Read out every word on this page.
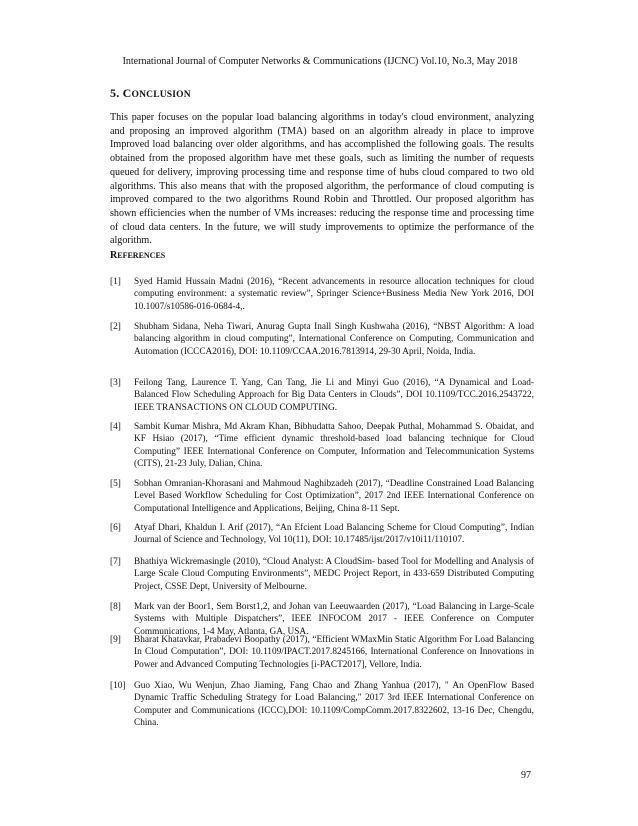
International Journal of Computer Networks & Communications (IJCNC) Vol.10, No.3, May 2018
5. CONCLUSION

This paper focuses on the popular load balancing algorithms in today's cloud environment, analyzing and proposing an improved algorithm (TMA) based on an algorithm already in place to improve Improved load balancing over older algorithms, and has accomplished the following goals. The results obtained from the proposed algorithm have met these goals, such as limiting the number of requests queued for delivery, improving processing time and response time of hubs cloud compared to two old algorithms. This also means that with the proposed algorithm, the performance of cloud computing is improved compared to the two algorithms Round Robin and Throttled. Our proposed algorithm has shown efficiencies when the number of VMs increases: reducing the response time and processing time of cloud data centers. In the future, we will study improvements to optimize the performance of the algorithm.

REFERENCES
[1] Syed Hamid Hussain Madni (2016), “Recent advancements in resource allocation techniques for cloud computing environment: a systematic review”, Springer Science+Business Media New York 2016, DOI 10.1007/s10586-016-0684-4,.
[2] Shubham Sidana, Neha Tiwari, Anurag Gupta Inall Singh Kushwaha (2016), “NBST Algorithm: A load balancing algorithm in cloud computing”, International Conference on Computing, Communication and Automation (ICCCA2016), DOI: 10.1109/CCAA.2016.7813914, 29-30 April, Noida, India.
[3] Feilong Tang, Laurence T. Yang, Can Tang, Jie Li and Minyi Guo (2016), “A Dynamical and Load-Balanced Flow Scheduling Approach for Big Data Centers in Clouds”, DOI 10.1109/TCC.2016.2543722, IEEE TRANSACTIONS ON CLOUD COMPUTING.
[4] Sambit Kumar Mishra, Md Akram Khan, Bibhudatta Sahoo, Deepak Puthal, Mohammad S. Obaidat, and KF Hsiao (2017), “Time efficient dynamic threshold-based load balancing technique for Cloud Computing” IEEE International Conference on Computer, Information and Telecommunication Systems (CITS), 21-23 July, Dalian, China.
[5] Sobhan Omranian-Khorasani and Mahmoud Naghibzadeh (2017), “Deadline Constrained Load Balancing Level Based Workflow Scheduling for Cost Optimization”, 2017 2nd IEEE International Conference on Computational Intelligence and Applications, Beijing, China 8-11 Sept.
[6] Atyaf Dhari, Khaldun I. Arif (2017), “An Efcient Load Balancing Scheme for Cloud Computing”, Indian Journal of Science and Technology, Vol 10(11), DOI: 10.17485/ijst/2017/v10i11/110107.
[7] Bhathiya Wickremasingle (2010), “Cloud Analyst: A CloudSim- based Tool for Modelling and Analysis of Large Scale Cloud Computing Environments”, MEDC Project Report, in 433-659 Distributed Computing Project, CSSE Dept, University of Melbourne.
[8] Mark van der Boor1, Sem Borst1,2, and Johan van Leeuwaarden (2017), “Load Balancing in Large-Scale Systems with Multiple Dispatchers”, IEEE INFOCOM 2017 - IEEE Conference on Computer Communications, 1-4 May, Atlanta, GA, USA.
[9] Bharat Khatavkar, Prabadevi Boopathy (2017), “Efficient WMaxMin Static Algorithm For Load Balancing In Cloud Computation”, DOI: 10.1109/IPACT.2017.8245166, International Conference on Innovations in Power and Advanced Computing Technologies [i-PACT2017], Vellore, India.
[10] Guo Xiao, Wu Wenjun, Zhao Jiaming, Fang Chao and Zhang Yanhua (2017), " An OpenFlow Based Dynamic Traffic Scheduling Strategy for Load Balancing," 2017 3rd IEEE International Conference on Computer and Communications (ICCC),DOI: 10.1109/CompComm.2017.8322602, 13-16 Dec, Chengdu, China.
97
